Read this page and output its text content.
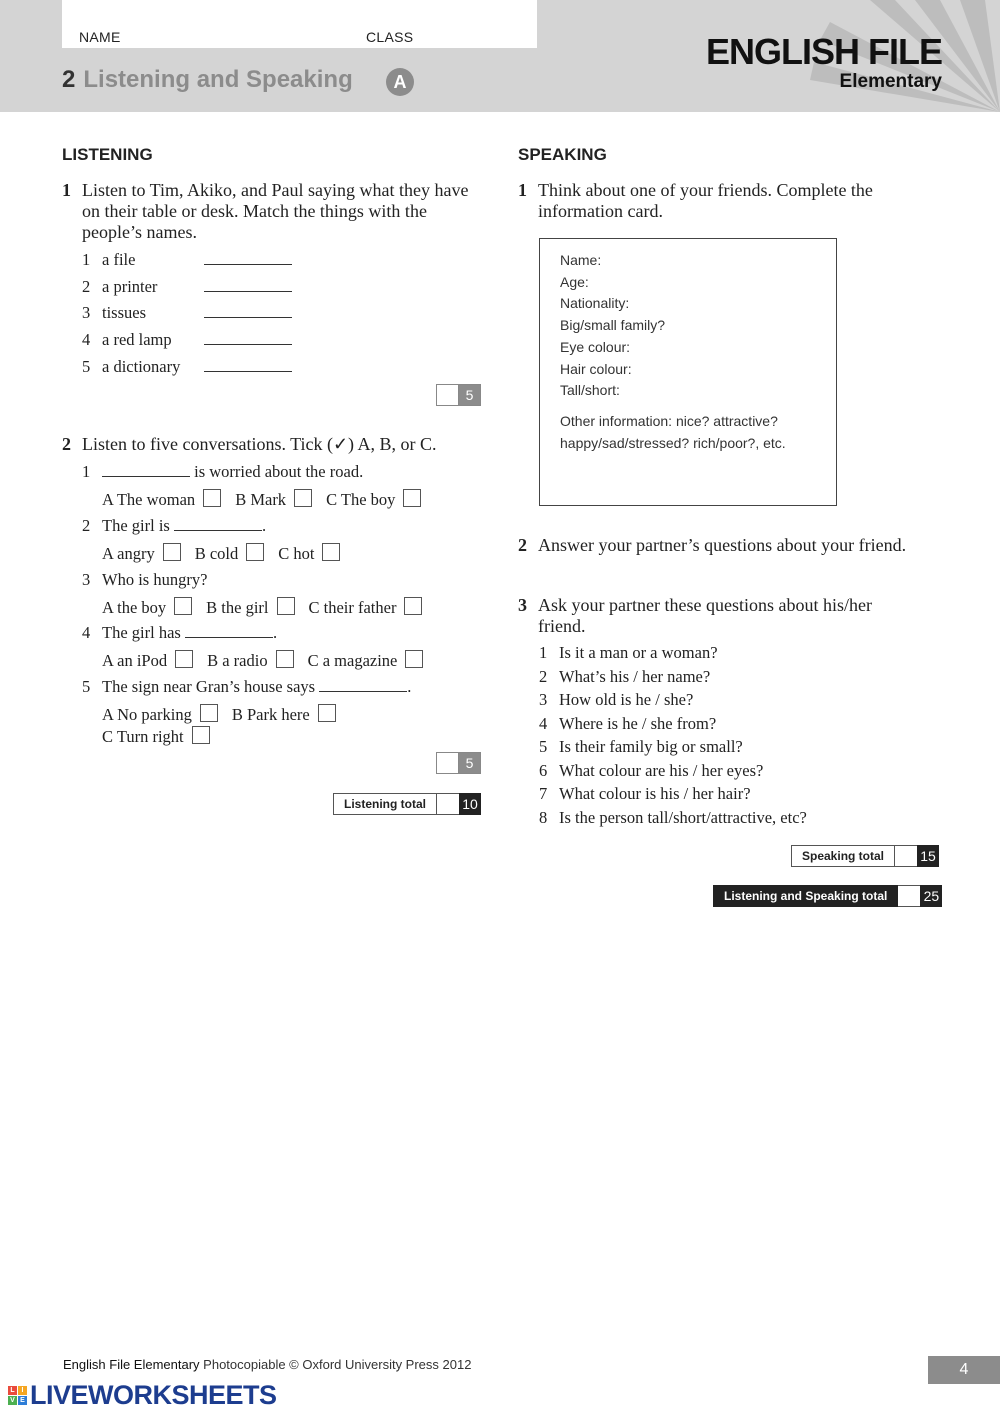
NAME	CLASS
2 Listening and Speaking	A
ENGLISH FILE
Elementary
LISTENING
1 Listen to Tim, Akiko, and Paul saying what they have on their table or desk. Match the things with the people’s names.
1 a file
2 a printer
3 tissues
4 a red lamp
5 a dictionary
5
2 Listen to five conversations. Tick (✓) A, B, or C.
1	is worried about the road.
A The woman B Mark C The boy
2 The girl is	.
A angry B cold C hot
3 Who is hungry?
A the boy B the girl C their father
4 The girl has	.
A an iPod B a radio C a magazine
5 The sign near Gran’s house says	.
A No parking B Park here
C Turn right
5
Listening total	10
SPEAKING
1 Think about one of your friends. Complete the information card.
Name:
Age:
Nationality:
Big/small family?
Eye colour:
Hair colour:
Tall/short:
Other information: nice? attractive?
happy/sad/stressed? rich/poor?, etc.
2 Answer your partner’s questions about your friend.
3 Ask your partner these questions about his/her friend.
1 Is it a man or a woman?
2 What’s his / her name?
3 How old is he / she?
4 Where is he / she from?
5 Is their family big or small?
6 What colour are his / her eyes?
7 What colour is his / her hair?
8 Is the person tall/short/attractive, etc?
Speaking total	15
Listening and Speaking total	25
English File Elementary Photocopiable © Oxford University Press 2012	4
L I
V E LIVEWORKSHEETS
